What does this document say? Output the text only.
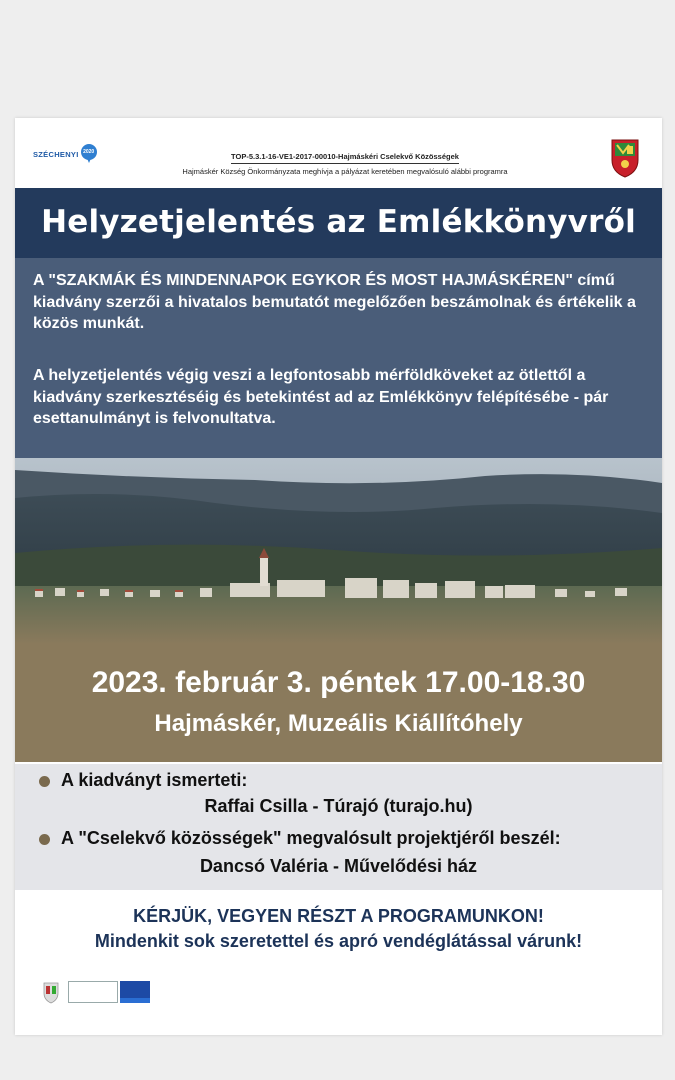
SZÉCHENYI 2020	TOP-5.3.1-16-VE1-2017-00010-Hajmáskéri Cselekvő Közösségek
Hajmáskér Község Önkormányzata meghívja a pályázat keretében megvalósuló alábbi programra
Helyzetjelentés az Emlékkönyvről

A "SZAKMÁK ÉS MINDENNAPOK EGYKOR ÉS MOST HAJMÁSKÉREN" című kiadvány szerzői a hivatalos bemutatót megelőzően beszámolnak és értékelik a közös munkát.

A helyzetjelentés végig veszi a legfontosabb mérföldköveket az ötlettől a kiadvány szerkesztéséig és betekintést ad az Emlékkönyv felépítésébe - pár esettanulmányt is felvonultatva.

2023. február 3. péntek 17.00-18.30
Hajmáskér, Muzeális Kiállítóhely
A kiadványt ismerteti:
Raffai Csilla - Túrajó (turajo.hu)
A "Cselekvő közösségek" megvalósult projektjéről beszél:
Dancsó Valéria - Művelődési ház
KÉRJÜK, VEGYEN RÉSZT A PROGRAMUNKON!
Mindenkit sok szeretettel és apró vendéglátással várunk!
